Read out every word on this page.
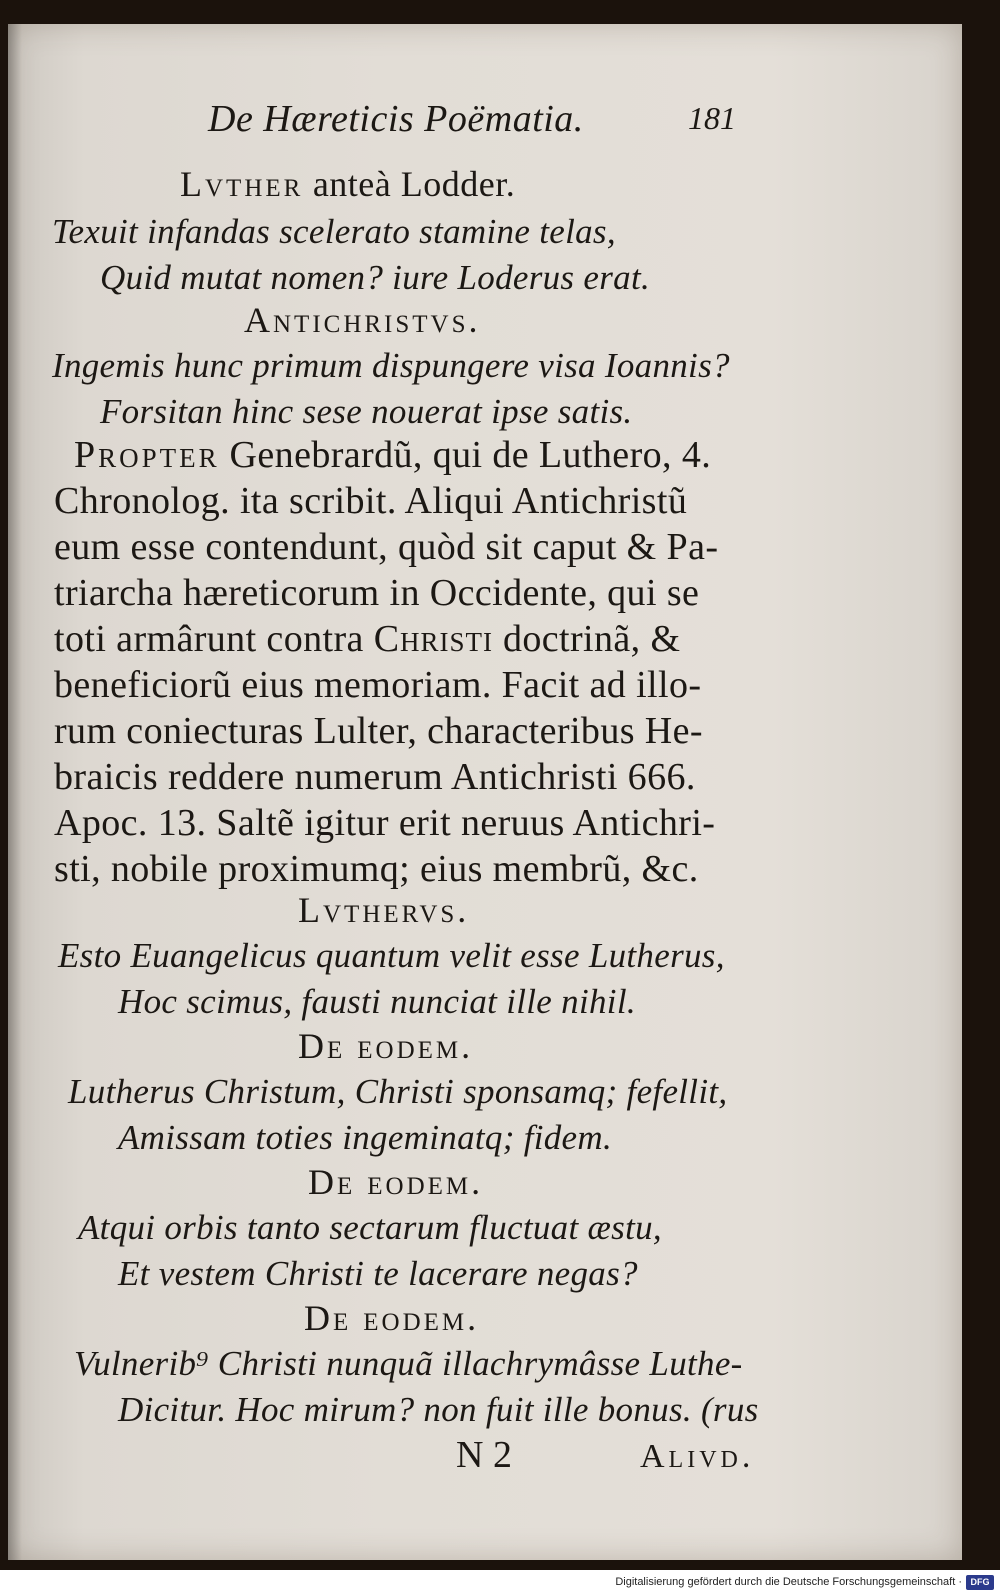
De Hæreticis Poëmatia.	181
Lvther anteà Lodder.
Texuit infandas scelerato stamine telas,
Quid mutat nomen? iure Loderus erat.
Antichristvs.
Ingemis hunc primum dispungere visa Ioannis?
Forsitan hinc sese nouerat ipse satis.
Propter Genebrardũ, qui de Luthero, 4.
Chronolog. ita scribit. Aliqui Antichristũ
eum esse contendunt, quòd sit caput & Pa-
triarcha hæreticorum in Occidente, qui se
toti armârunt contra Christi doctrinã, &
beneficiorũ eius memoriam. Facit ad illo-
rum coniecturas Lulter, characteribus He-
braicis reddere numerum Antichristi 666.
Apoc. 13. Saltẽ igitur erit neruus Antichri-
sti, nobile proximumq; eius membrũ, &c.
Lvthervs.
Esto Euangelicus quantum velit esse Lutherus,
Hoc scimus, fausti nunciat ille nihil.
De eodem.
Lutherus Christum, Christi sponsamq; fefellit,
Amissam toties ingeminatq; fidem.
De eodem.
Atqui orbis tanto sectarum fluctuat æstu,
Et vestem Christi te lacerare negas?
De eodem.
Vulnerib⁹ Christi nunquã illachrymâsse Luthe-
Dicitur. Hoc mirum? non fuit ille bonus. (rus
N 2	Alivd.
Digitalisierung gefördert durch die Deutsche Forschungsgemeinschaft · DFG
